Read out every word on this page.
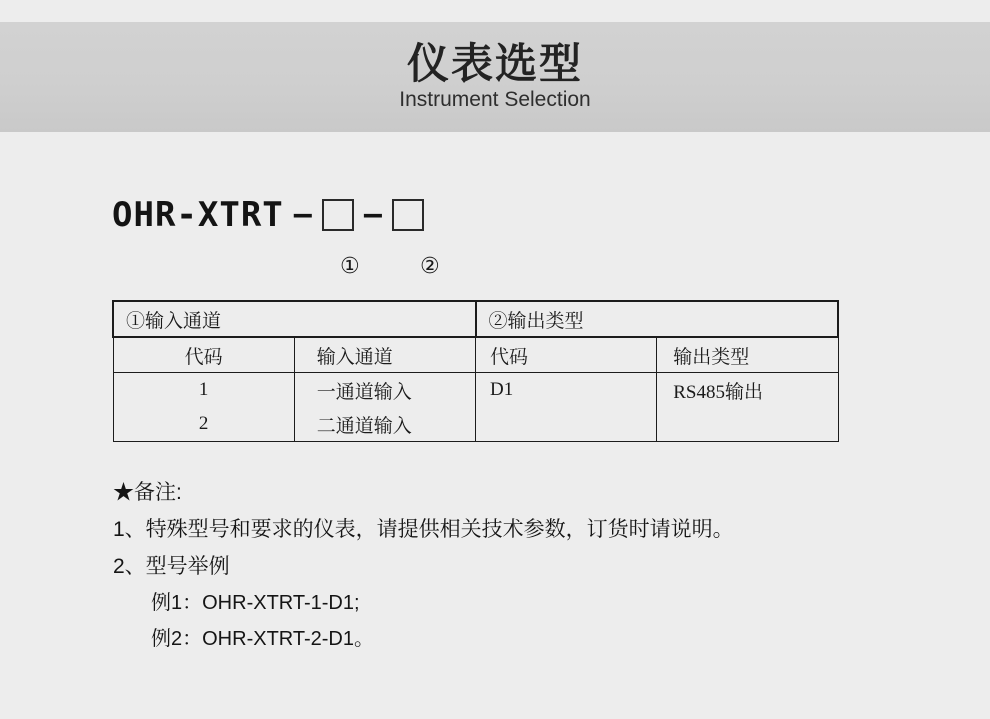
仪表选型
Instrument Selection
OHR-XTRT — —
①	②
①输入通道		②输出类型	
代码	输入通道	代码	输出类型
1	一通道输入	D1	RS485输出
2	二通道输入		
★备注:
1、特殊型号和要求的仪表，请提供相关技术参数，订货时请说明。
2、型号举例
例1：OHR-XTRT-1-D1;
例2：OHR-XTRT-2-D1。
